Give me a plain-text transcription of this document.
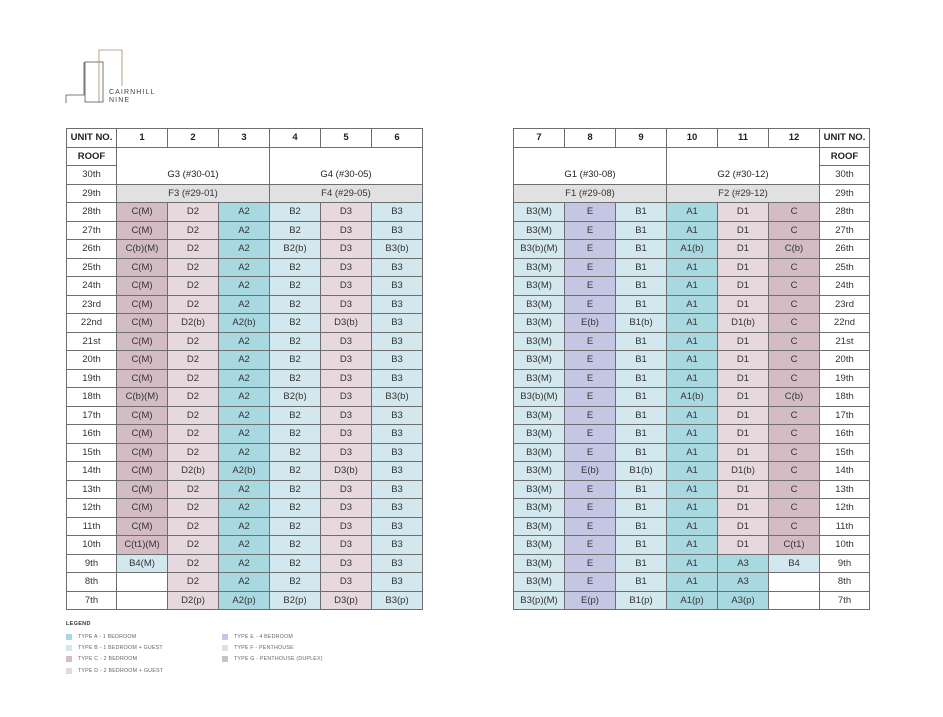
CAIRNHILL
NINE
UNIT NO.	1	2	3	4	5	6
ROOF	G3 (#30-01)			G4 (#30-05)		
30th						
29th	F3 (#29-01)			F4 (#29-05)		
28th	C(M)	D2	A2	B2	D3	B3
27th	C(M)	D2	A2	B2	D3	B3
26th	C(b)(M)	D2	A2	B2(b)	D3	B3(b)
25th	C(M)	D2	A2	B2	D3	B3
24th	C(M)	D2	A2	B2	D3	B3
23rd	C(M)	D2	A2	B2	D3	B3
22nd	C(M)	D2(b)	A2(b)	B2	D3(b)	B3
21st	C(M)	D2	A2	B2	D3	B3
20th	C(M)	D2	A2	B2	D3	B3
19th	C(M)	D2	A2	B2	D3	B3
18th	C(b)(M)	D2	A2	B2(b)	D3	B3(b)
17th	C(M)	D2	A2	B2	D3	B3
16th	C(M)	D2	A2	B2	D3	B3
15th	C(M)	D2	A2	B2	D3	B3
14th	C(M)	D2(b)	A2(b)	B2	D3(b)	B3
13th	C(M)	D2	A2	B2	D3	B3
12th	C(M)	D2	A2	B2	D3	B3
11th	C(M)	D2	A2	B2	D3	B3
10th	C(t1)(M)	D2	A2	B2	D3	B3
9th	B4(M)	D2	A2	B2	D3	B3
8th		D2	A2	B2	D3	B3
7th		D2(p)	A2(p)	B2(p)	D3(p)	B3(p)
7	8	9	10	11	12	UNIT NO.
G1 (#30-08)			G2 (#30-12)			ROOF
						30th
F1 (#29-08)			F2 (#29-12)			29th
B3(M)	E	B1	A1	D1	C	28th
B3(M)	E	B1	A1	D1	C	27th
B3(b)(M)	E	B1	A1(b)	D1	C(b)	26th
B3(M)	E	B1	A1	D1	C	25th
B3(M)	E	B1	A1	D1	C	24th
B3(M)	E	B1	A1	D1	C	23rd
B3(M)	E(b)	B1(b)	A1	D1(b)	C	22nd
B3(M)	E	B1	A1	D1	C	21st
B3(M)	E	B1	A1	D1	C	20th
B3(M)	E	B1	A1	D1	C	19th
B3(b)(M)	E	B1	A1(b)	D1	C(b)	18th
B3(M)	E	B1	A1	D1	C	17th
B3(M)	E	B1	A1	D1	C	16th
B3(M)	E	B1	A1	D1	C	15th
B3(M)	E(b)	B1(b)	A1	D1(b)	C	14th
B3(M)	E	B1	A1	D1	C	13th
B3(M)	E	B1	A1	D1	C	12th
B3(M)	E	B1	A1	D1	C	11th
B3(M)	E	B1	A1	D1	C(t1)	10th
B3(M)	E	B1	A1	A3	B4	9th
B3(M)	E	B1	A1	A3		8th
B3(p)(M)	E(p)	B1(p)	A1(p)	A3(p)		7th
LEGEND
TYPE A - 1 BEDROOM
TYPE B - 1 BEDROOM + GUEST
TYPE C - 2 BEDROOM
TYPE D - 2 BEDROOM + GUEST
TYPE E - 4 BEDROOM
TYPE F - PENTHOUSE
TYPE G - PENTHOUSE (DUPLEX)
